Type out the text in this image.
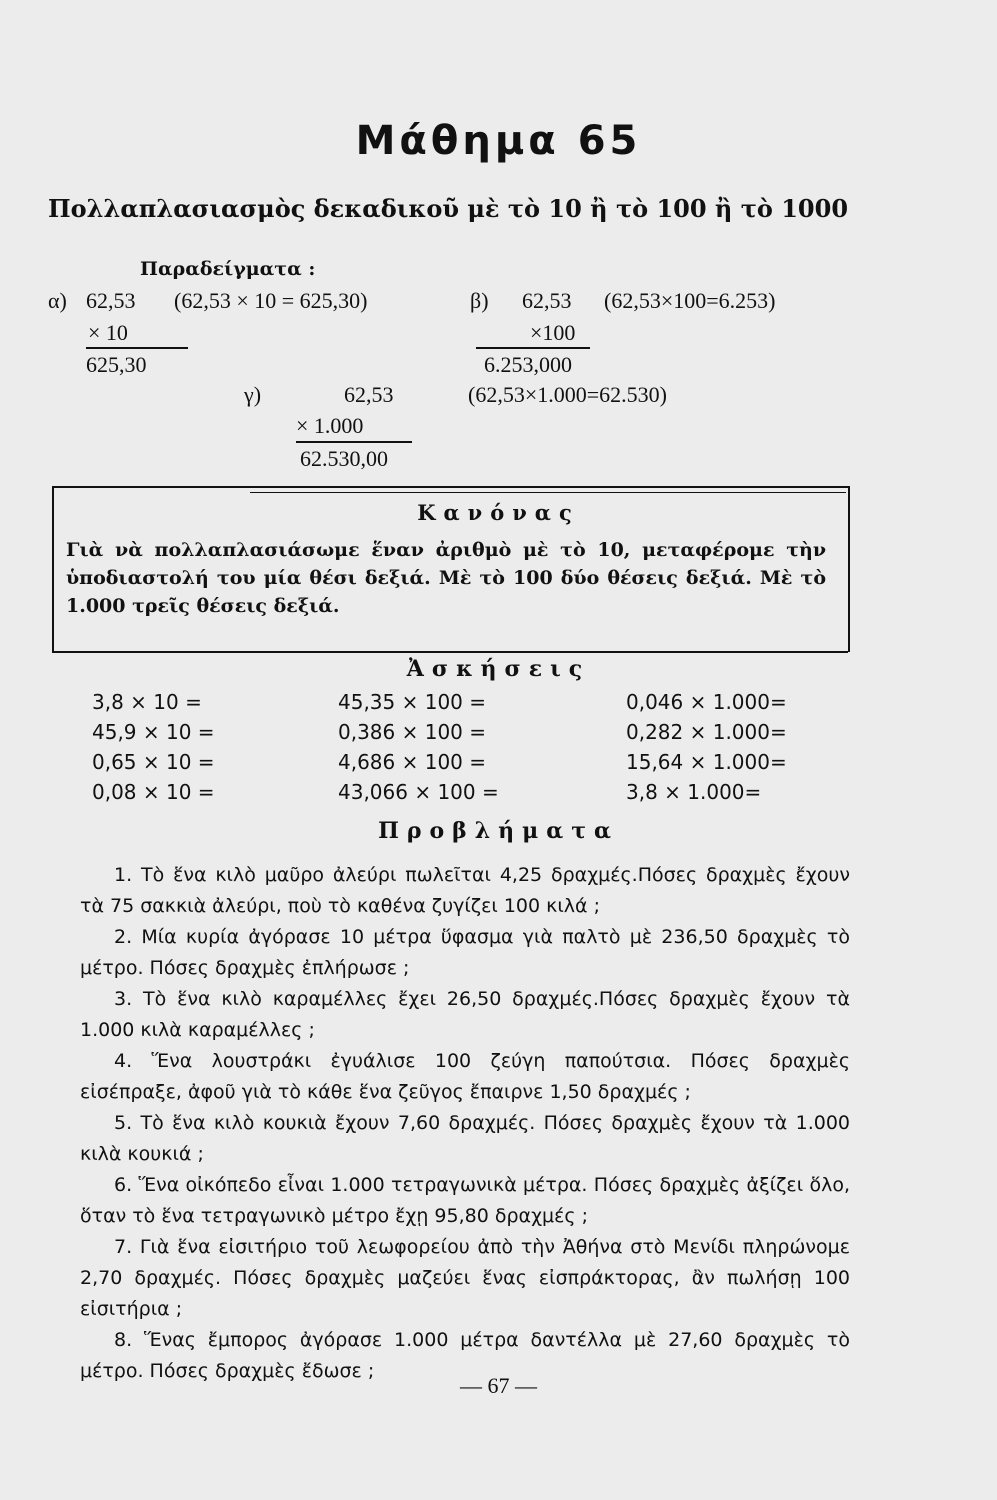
Μάθημα 65
Πολλαπλασιασμὸς δεκαδικοῦ μὲ τὸ 10 ἢ τὸ 100 ἢ τὸ 1000
Παραδείγματα :
α) 62,53 (62,53 × 10 = 625,30)
× 10
625,30
β) 62,53 (62,53×100=6.253)
×100
6.253,000
γ)	62,53	(62,53×1.000=62.530)
× 1.000
62.530,00
Κανόνας
Γιὰ νὰ πολλαπλασιάσωμε ἕναν ἀριθμὸ μὲ τὸ 10, μεταφέρομε τὴν ὑποδιαστολή του μία θέσι δεξιά. Μὲ τὸ 100 δύο θέσεις δεξιά. Μὲ τὸ 1.000 τρεῖς θέσεις δεξιά.
Ἀσκήσεις
3,8 × 10 =
45,9 × 10 =
0,65 × 10 =
0,08 × 10 =
45,35 × 100 =
0,386 × 100 =
4,686 × 100 =
43,066 × 100 =
0,046 × 1.000=
0,282 × 1.000=
15,64 × 1.000=
3,8 × 1.000=
Προβλήματα

1. Τὸ ἕνα κιλὸ μαῦρο ἀλεύρι πωλεῖται 4,25 δραχμές.Πόσες δραχμὲς ἔχουν τὰ 75 σακκιὰ ἀλεύρι, ποὺ τὸ καθένα ζυγίζει 100 κιλά ;

2. Μία κυρία ἀγόρασε 10 μέτρα ὕφασμα γιὰ παλτὸ μὲ 236,50 δραχμὲς τὸ μέτρο. Πόσες δραχμὲς ἐπλήρωσε ;

3. Τὸ ἕνα κιλὸ καραμέλλες ἔχει 26,50 δραχμές.Πόσες δραχμὲς ἔχουν τὰ 1.000 κιλὰ καραμέλλες ;

4. Ἕνα λουστράκι ἐγυάλισε 100 ζεύγη παπούτσια. Πόσες δραχμὲς εἰσέπραξε, ἀφοῦ γιὰ τὸ κάθε ἕνα ζεῦγος ἔπαιρνε 1,50 δραχμές ;

5. Τὸ ἕνα κιλὸ κουκιὰ ἔχουν 7,60 δραχμές. Πόσες δραχμὲς ἔχουν τὰ 1.000 κιλὰ κουκιά ;

6. Ἕνα οἰκόπεδο εἶναι 1.000 τετραγωνικὰ μέτρα. Πόσες δραχμὲς ἀξίζει ὅλο, ὅταν τὸ ἕνα τετραγωνικὸ μέτρο ἔχῃ 95,80 δραχμές ;

7. Γιὰ ἕνα εἰσιτήριο τοῦ λεωφορείου ἀπὸ τὴν Ἀθήνα στὸ Μενίδι πληρώνομε 2,70 δραχμές. Πόσες δραχμὲς μαζεύει ἕνας εἰσπράκτορας, ἂν πωλήσῃ 100 εἰσιτήρια ;

8. Ἕνας ἔμπορος ἀγόρασε 1.000 μέτρα δαντέλλα μὲ 27,60 δραχμὲς τὸ μέτρο. Πόσες δραχμὲς ἔδωσε ;

— 67 —
